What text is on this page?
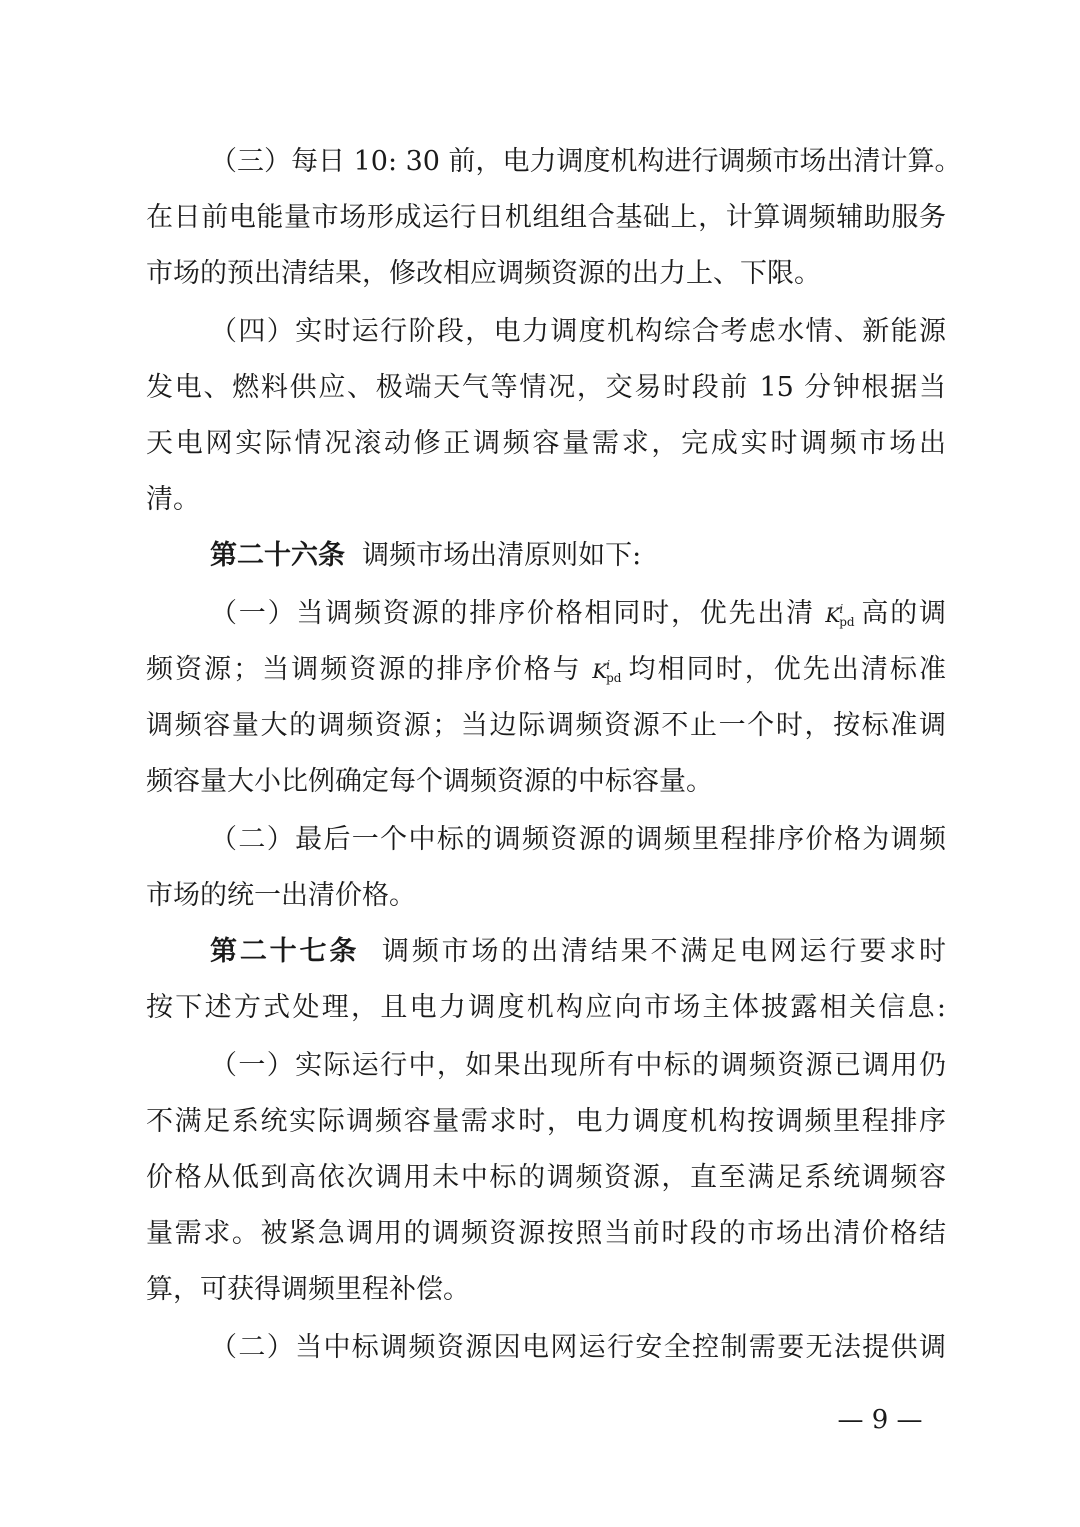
（三）每日 10: 30 前，电力调度机构进行调频市场出清计算。
在日前电能量市场形成运行日机组组合基础上，计算调频辅助服务
市场的预出清结果，修改相应调频资源的出力上、下限。
（四）实时运行阶段，电力调度机构综合考虑水情、新能源
发电、燃料供应、极端天气等情况，交易时段前 15 分钟根据当
天电网实际情况滚动修正调频容量需求，完成实时调频市场出
清。
第二十六条 调频市场出清原则如下:
（一）当调频资源的排序价格相同时，优先出清 $K^i_{pd}$ 高的调
频资源；当调频资源的排序价格与 $K^i_{pd}$ 均相同时，优先出清标准
调频容量大的调频资源；当边际调频资源不止一个时，按标准调
频容量大小比例确定每个调频资源的中标容量。
（二）最后一个中标的调频资源的调频里程排序价格为调频
市场的统一出清价格。
第二十七条 调频市场的出清结果不满足电网运行要求时
按下述方式处理，且电力调度机构应向市场主体披露相关信息:
（一）实际运行中，如果出现所有中标的调频资源已调用仍
不满足系统实际调频容量需求时，电力调度机构按调频里程排序
价格从低到高依次调用未中标的调频资源，直至满足系统调频容
量需求。被紧急调用的调频资源按照当前时段的市场出清价格结
算，可获得调频里程补偿。
（二）当中标调频资源因电网运行安全控制需要无法提供调
— 9 —
